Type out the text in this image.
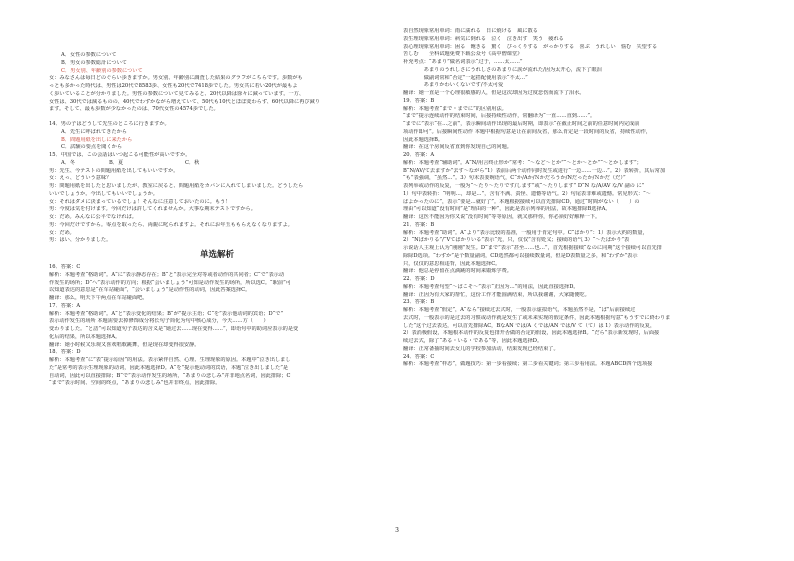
A．女性の参数について
B．男女の参数総計について
C．男女別、年齢別の参数について
女：みなさんは毎日どのぐらい歩きますか。男女別、年齢別に調査した結果のグラフがこちらです。歩数がも
っとも多かった時代は、男性は20代で8583歩、女性も20代で7418歩でした。男女共に若い20代が最もよ
く歩いていることが分かりました。男性の参数について見てみると、20代以降は徐々に減っています。一方、
女性は、30代では減るものの、40代でわずかながら増えていて、50代も10代とほぼ変わらず、60代以降に再び減り
ます。そして、最も歩数が少なかったのは、70代女性の4574歩でした。
14．男の子はどうして先生のところに行きますか。
A．先生に呼ばれてきたから
B．問題用紙を出しに来たから
C．試験の要点を聞くから
15．中国では、この会話はいつ起こる可能性が高いですか。
A．冬	B．夏	C．秋
男：先生、今テストの問題用紙を出してもいいですか。
女：えっ、どういう意味？
男：問題用紙を出したと思いましたが、教室に戻ると、問題用紙をカバンに入れてしまいました。どうしたら
いいでしょうか。今出してもいいでしょうか。
女：それはダメに決まっているでしょ！そんなに注意しておいたのに。もう！
男：今度は気を付けます。今回だけは許してくれませんか。大事な期末テストですから。
女：だめ。みんなに公平でなければ。
男：今回だけですから。零点を取ったら、両親に叱られますよ。それにお年玉ももらえなくなりますよ。
女：だめ。
男：はい、分かりました。
单选解析
16．答案：C
解析：本题考查“格助词”。A“に”表示静态存在；B“と”表示完全对等或者动作的共同者；C“で”表示动
作发生的场所；D“へ”表示动作的方向；根据“会いましょう”可知是动作发生的场所，所以选C。“駅前”可
以知道表达的意思是“在车站碰面”，“会いましょう”是动作性的动词，因此答案选择C。
翻译：那么，明天下午两点在车站碰面吧。
17．答案：A
解析：本题考查“格助词”。A“と”表示变化的结果；B“が”提示主语；C“を”表示他动词的宾语；D“で”
表示动作发生的场所 本题需要去掉修饰成分将长句子简化为句中核心成分，今天……方（　　）
变わりました。“と詰”可以知道句子表达的含义是“她过去……现在变得……”，即语句中的助词应表示的是变
化后的结果，所以本题选择A。
翻译：她小时候又乐观又喜欢唱歌跳舞，但是现在却变得很安静。
18．答案：D
解析：本题考查“に”表“提示原因”的用法。表示紧伴自然、心理、生理现象的原因。本题中“泣き出しまし
た”是常考的表示生理现象的动词，因此本题选择D。A“を”提示他动词的宾语，本题“泣き出しました”是
自动词，因此可以直接排除；B“で”表示动作发生的场所，“あまりの悲しみ”并非地点名词，因此排除；C
“まで”表示时间、空间的终点，“あまりの悲しみ”也并非终点，因此排除。
表自然现象常用单词：雨に濡れる　日に焼ける　風に散る
表生理现象常用单词：病気に倒れる　泣く　泣き出す　笑う　疲れる
表心理现象常用单词：困る　飽きる　驚く　びっくりする　がっかりする　喜ぶ　うれしい　悩む　失望する
苦しむ　　全科试题免费下载公众号《高中僧课堂》
补充考点：“あまり”做名词表示“过于，……太……”
　　　　あまりのうれしさにうれしさのあまりに涙が流れた/因为太开心，流下了眼泪
　　　　做副词常和“否定”一起搭配使用表示“不太…”
　　　　あまりかわいくないです/不太可爱
翻译：她一直是一个心理很敏感的人，但是这次却因为过度悲伤而流下了泪水。
19．答案：B
解析：本题考查“まで・までに”的区别用法。
“まで”提示连续动作的结束时间，后接持续性动作，常翻译为“一直……直到……”。
“までに”表示“在…之前”，表示瞬间动作出现的最后时期，即表示“在截止时间之前的任意时间内完成前
项动作即可”。后接瞬间性动作 本题中根据句意是让在前间反省，那么肯定是一段时间的反省，持续性动作，
因此本题选择B。
翻译：在这个房间反省直到你发现自己的问题。
20．答案：A
解析：本题考查“辅助词”。A“N/用言终止形か”常考：“～など～とか”“～とか～とか”“～とかします”；
B“N/AV/て去ますか”去す～ながら”1）表前后两个动作同时发生或进行“一边……一边…”。2）表转折，其后常加
“も”表强调，“虽然…”。3）句末表委婉语气，C“か/Aか/Ｎかだろうか/Nだったか/Ｎかだ（だ）”
表列举或动作的反复，一般为“～たり～たりです/します”或“～たりします” D“N な/A/AV な/V 副の に”
1）句中表转折：“明明…，却是…”，含有不满、责怪、遗憾等语气。2）句尾表非难或遗憾。常见形式：“～
ばよかったのに”，表示“要是…就好了”。本题根据接续可以首先排除CD，通过“时間がない（　　）の
理由”可以知道“没有时间”是“理由的一种”，因此是表示列举的用法，故本题排除B选择A。
翻译：这医不能因为你又说“没有时间”等等原因，就又那样你，你必须好好解释一下。
21．答案：B
解析：本题考查“助词”。A“より”表示比较的基准，一般用于肯定句中。C“ばかり”：1）表示大约的数量，
2）“Nばかりる”/“Vてばかりいる”表示“光，只，仅仅”含有贬义；接续的语气 3）“～たばかり”表
示说话人主观上认为“刚刚”发生。D“まで”表示“甚至……也…”，首先根据接续“なのに同期”这个接续可以首先排
除除D选项。“わずか”是个数量副词，CD选然都可以接续数量词，但是D表数量之多，和“わずか”表示
只，仅仅的意思相违背，因此本题选择C。
翻译：他总是停留在点滴跳的时间来锻炼学费。
22．答案：D
解析：本题考查句型“～ばこそ～”表示“正因为…”的用法，因此直接选择D。
翻译：正因为有大家的帮忙，这份工作才能圆满结束，所以我谢谢，大家随便吃。
23．答案：B
解析：本题考查“假定”，A“なら”接续过去式时，一般表示虚拟语气，本题虽然不是，“ば”后前接续过
去式时，一般表示的是过去的习惯或动作就是发生了或未来实现的假定条件，因此本题根据句意“もうすでに終わりま
した”这个过去表达，可以首先排除AC，BなAN では/A くでは/AN では/V て（て）は 1）表示动作的反复，
2）表消极假设，本题根本动作的反复也排开否做的否定的假设，因此本题选择B。“だら”表示新发现时，后面接
续过去式，除了“ある・いる・である”等，因此本题选择D。
翻译：正常备抽时间去女儿的学校参加活动，结果发现已经结束了。
24．答案：C
解析：本题考查“样态”，做题技巧：第一步看接续；第二步看关键词；第三步看用法。本题ABCD四个选项接
3
